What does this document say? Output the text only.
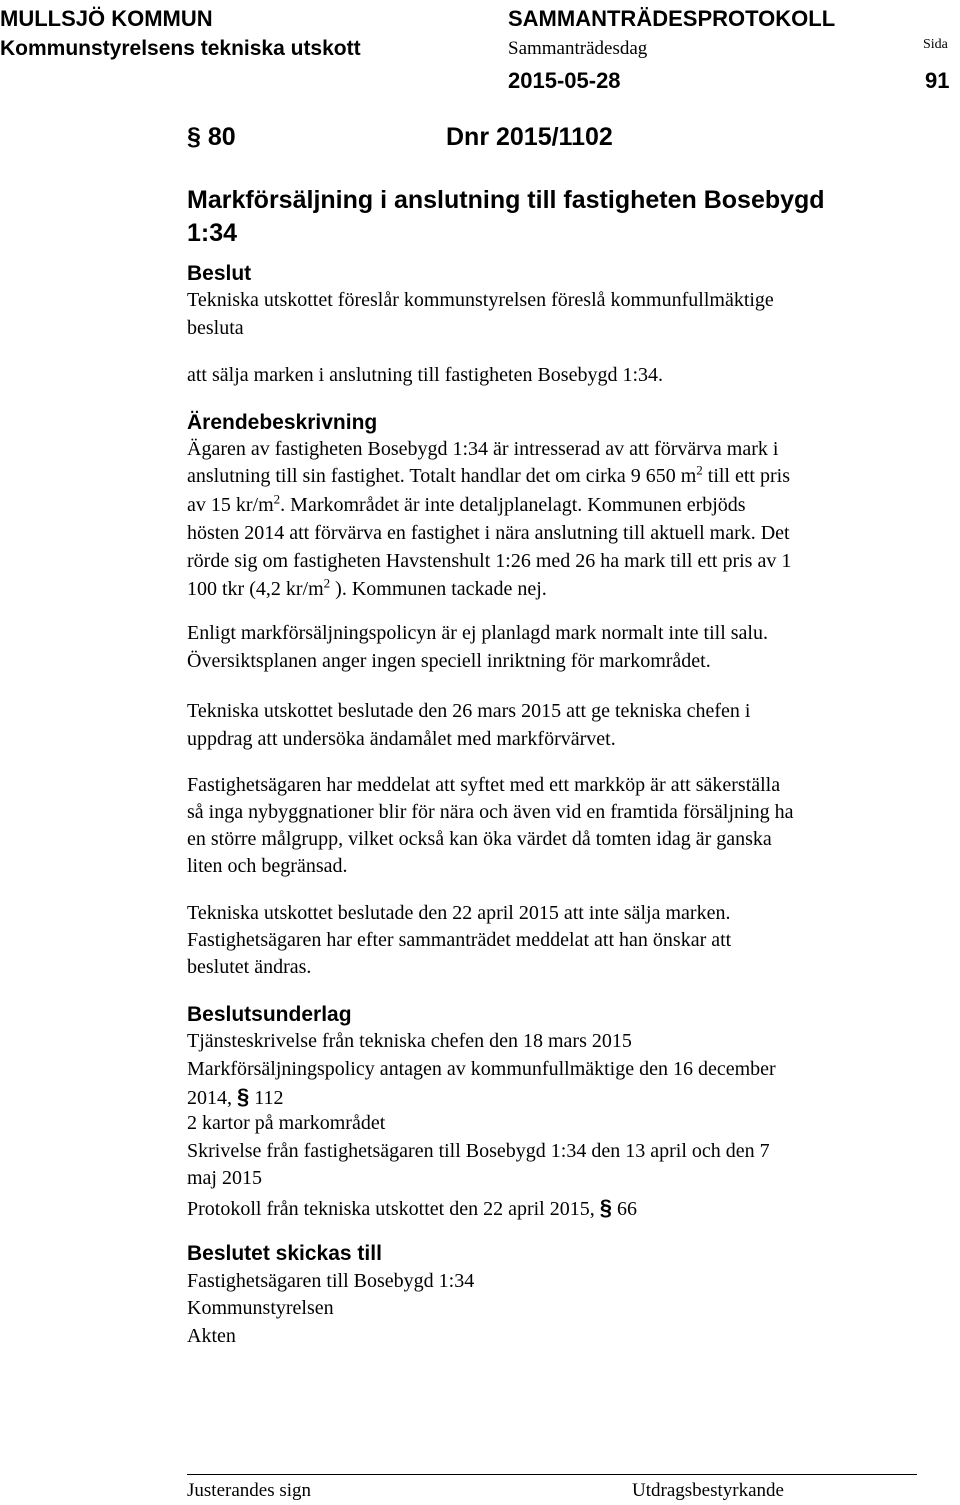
MULLSJÖ KOMMUN
Kommunstyrelsens tekniska utskott
SAMMANTRÄDESPROTOKOLL
Sammanträdesdag
2015-05-28
Sida
91
§ 80	Dnr 2015/1102
Markförsäljning i anslutning till fastigheten Bosebygd
1:34
Beslut
Tekniska utskottet föreslår kommunstyrelsen föreslå kommunfullmäktige
besluta
att sälja marken i anslutning till fastigheten Bosebygd 1:34.
Ärendebeskrivning
Ägaren av fastigheten Bosebygd 1:34 är intresserad av att förvärva mark i
anslutning till sin fastighet. Totalt handlar det om cirka 9 650 $m^2$ till ett pris
av 15 $kr/m^2$. Markområdet är inte detaljplanelagt. Kommunen erbjöds
hösten 2014 att förvärva en fastighet i nära anslutning till aktuell mark. Det
rörde sig om fastigheten Havstenshult 1:26 med 26 ha mark till ett pris av 1
100 tkr (4,2 $kr/m^2$ ). Kommunen tackade nej.
Enligt markförsäljningspolicyn är ej planlagd mark normalt inte till salu.
Översiktsplanen anger ingen speciell inriktning för markområdet.
Tekniska utskottet beslutade den 26 mars 2015 att ge tekniska chefen i
uppdrag att undersöka ändamålet med markförvärvet.
Fastighetsägaren har meddelat att syftet med ett markköp är att säkerställa
så inga nybyggnationer blir för nära och även vid en framtida försäljning ha
en större målgrupp, vilket också kan öka värdet då tomten idag är ganska
liten och begränsad.
Tekniska utskottet beslutade den 22 april 2015 att inte sälja marken.
Fastighetsägaren har efter sammanträdet meddelat att han önskar att
beslutet ändras.
Beslutsunderlag
Tjänsteskrivelse från tekniska chefen den 18 mars 2015
Markförsäljningspolicy antagen av kommunfullmäktige den 16 december
2014, § 112
2 kartor på markområdet
Skrivelse från fastighetsägaren till Bosebygd 1:34 den 13 april och den 7
maj 2015
Protokoll från tekniska utskottet den 22 april 2015, § 66
Beslutet skickas till
Fastighetsägaren till Bosebygd 1:34
Kommunstyrelsen
Akten
Justerandes sign	Utdragsbestyrkande
